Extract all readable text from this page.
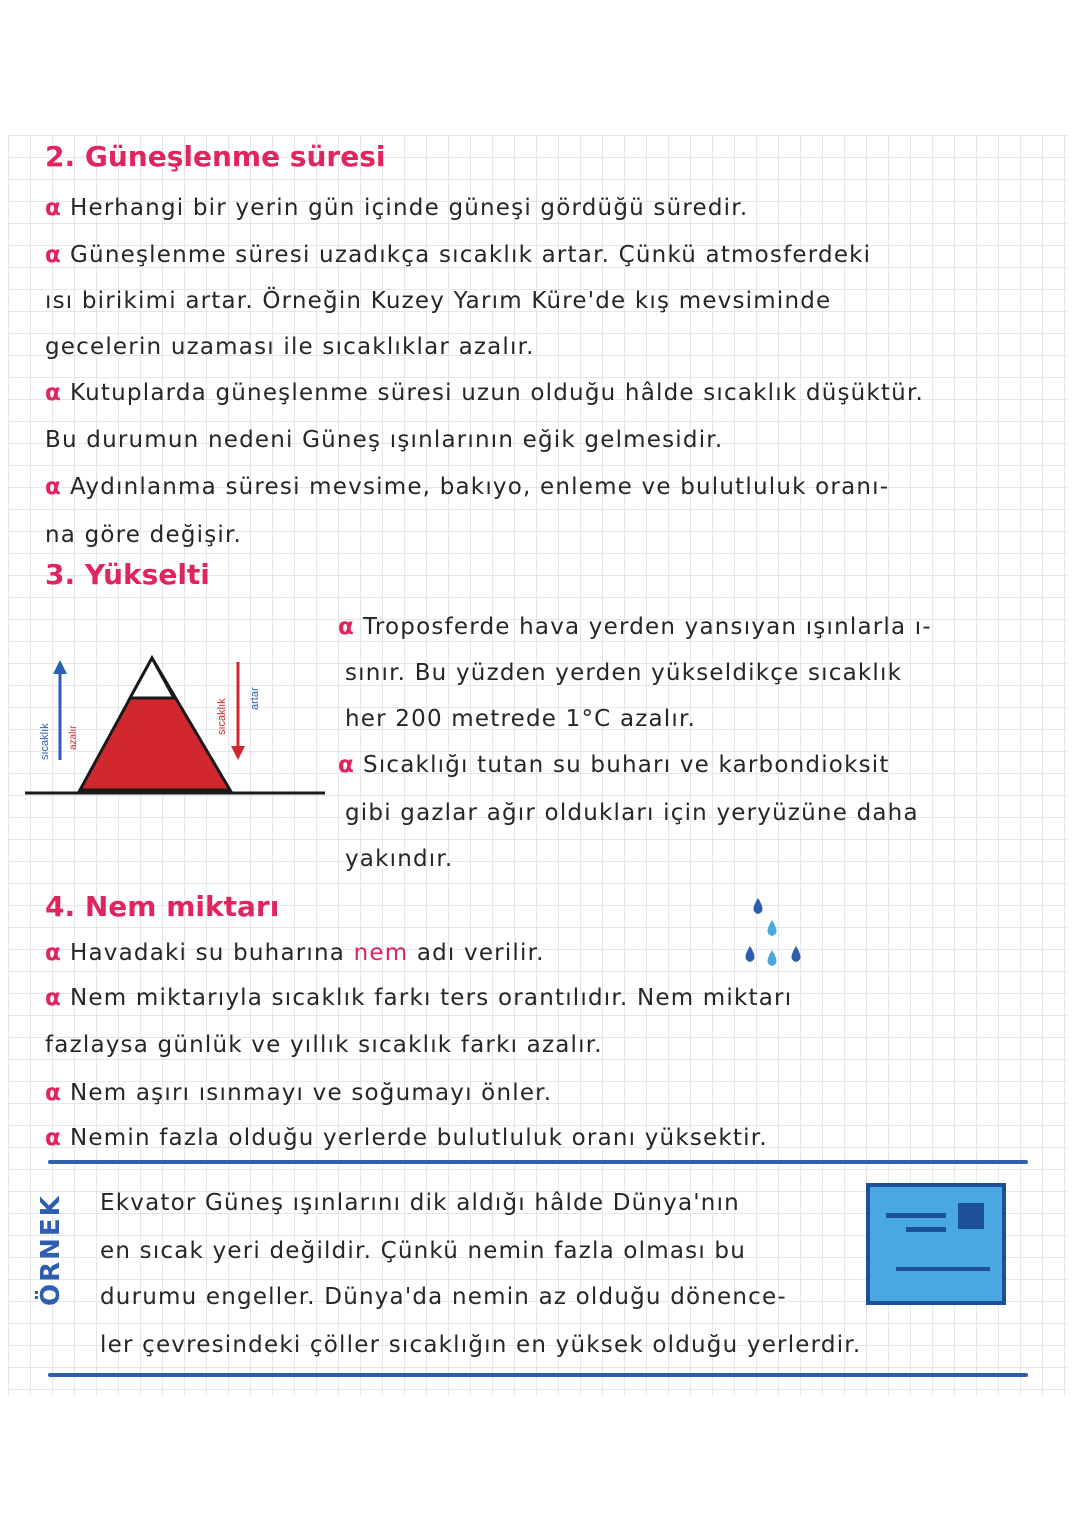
2. Güneşlenme süresi
α Herhangi bir yerin gün içinde güneşi gördüğü süredir.
α Güneşlenme süresi uzadıkça sıcaklık artar. Çünkü atmosferdeki
ısı birikimi artar. Örneğin Kuzey Yarım Küre'de kış mevsiminde
gecelerin uzaması ile sıcaklıklar azalır.
α Kutuplarda güneşlenme süresi uzun olduğu hâlde sıcaklık düşüktür.
Bu durumun nedeni Güneş ışınlarının eğik gelmesidir.
α Aydınlanma süresi mevsime, bakıyo, enleme ve bulutluluk oranı-
na göre değişir.
3. Yükselti
sıcaklık azalır
sıcaklık artar
α Troposferde hava yerden yansıyan ışınlarla ı-
sınır. Bu yüzden yerden yükseldikçe sıcaklık
her 200 metrede 1°C azalır.
α Sıcaklığı tutan su buharı ve karbondioksit
gibi gazlar ağır oldukları için yeryüzüne daha
yakındır.
4. Nem miktarı
α Havadaki su buharına nem adı verilir.
α Nem miktarıyla sıcaklık farkı ters orantılıdır. Nem miktarı
fazlaysa günlük ve yıllık sıcaklık farkı azalır.
α Nem aşırı ısınmayı ve soğumayı önler.
α Nemin fazla olduğu yerlerde bulutluluk oranı yüksektir.
ÖRNEK	Ekvator Güneş ışınlarını dik aldığı hâlde Dünya'nın
en sıcak yeri değildir. Çünkü nemin fazla olması bu
durumu engeller. Dünya'da nemin az olduğu dönence-
ler çevresindeki çöller sıcaklığın en yüksek olduğu yerlerdir.
